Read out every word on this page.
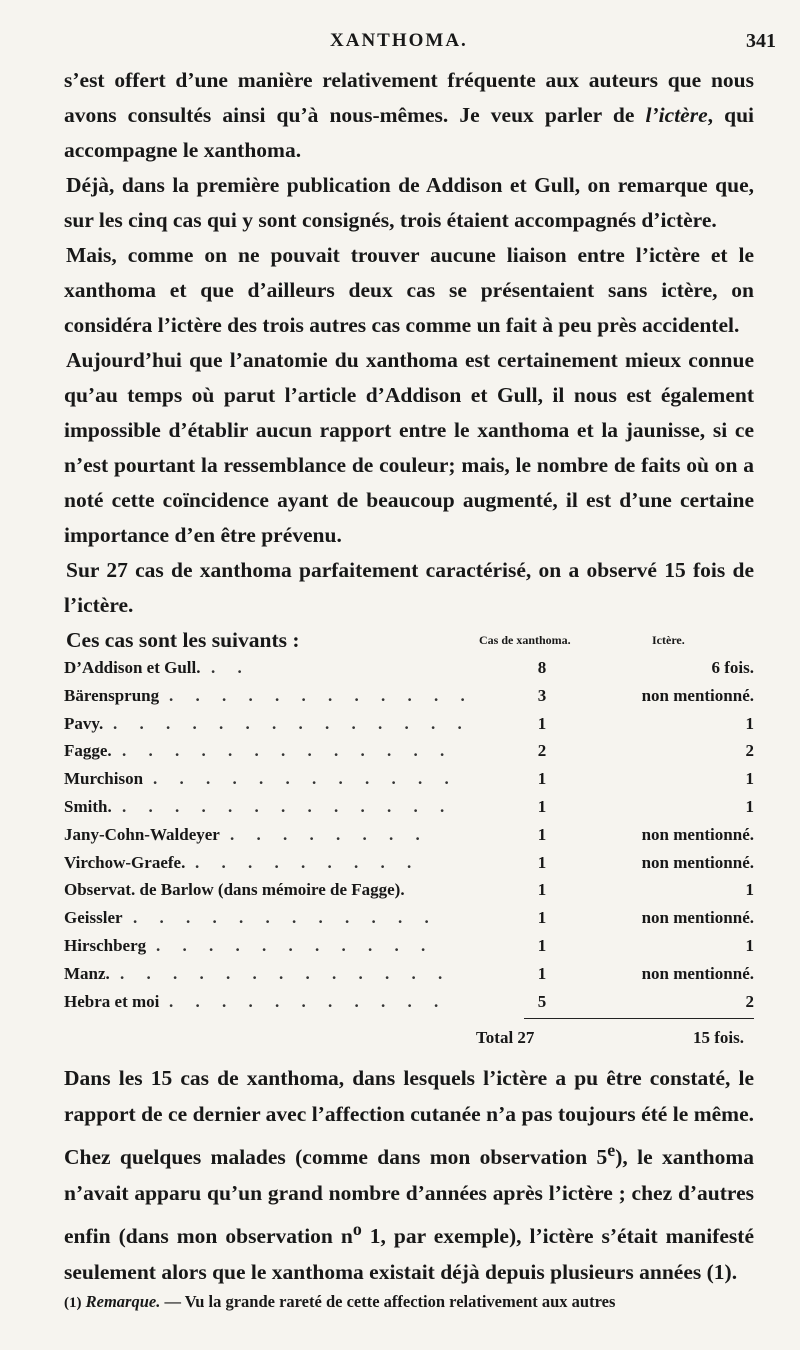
XANTHOMA.	341

s’est offert d’une manière relativement fréquente aux auteurs que nous avons consultés ainsi qu’à nous-mêmes. Je veux parler de l’ictère, qui accompagne le xanthoma.

Déjà, dans la première publication de Addison et Gull, on remarque que, sur les cinq cas qui y sont consignés, trois étaient accompagnés d’ictère.

Mais, comme on ne pouvait trouver aucune liaison entre l’ictère et le xanthoma et que d’ailleurs deux cas se présentaient sans ictère, on considéra l’ictère des trois autres cas comme un fait à peu près accidentel.

Aujourd’hui que l’anatomie du xanthoma est certainement mieux connue qu’au temps où parut l’article d’Addison et Gull, il nous est également impossible d’établir aucun rapport entre le xanthoma et la jaunisse, si ce n’est pourtant la ressemblance de couleur; mais, le nombre de faits où on a noté cette coïncidence ayant de beaucoup augmenté, il est d’une certaine importance d’en être prévenu.

Sur 27 cas de xanthoma parfaitement caractérisé, on a observé 15 fois de l’ictère.

Ces cas sont les suivants :	Cas de xanthoma.	Ictère.
D’Addison et Gull. . .	8	6 fois.
Bärensprung . . . . . . . . . . . .	3	non mentionné.
Pavy. . . . . . . . . . . . . . .	1	1
Fagge. . . . . . . . . . . . . .	2	2
Murchison . . . . . . . . . . . .	1	1
Smith. . . . . . . . . . . . . .	1	1
Jany-Cohn-Waldeyer . . . . . . . .	1	non mentionné.
Virchow-Graefe. . . . . . . . . .	1	non mentionné.
Observat. de Barlow (dans mémoire de Fagge).	1	1
Geissler . . . . . . . . . . . .	1	non mentionné.
Hirschberg . . . . . . . . . . .	1	1
Manz. . . . . . . . . . . . . .	1	non mentionné.
Hebra et moi . . . . . . . . . . .	5	2
Total 27	15 fois.

Dans les 15 cas de xanthoma, dans lesquels l’ictère a pu être constaté, le rapport de ce dernier avec l’affection cutanée n’a pas toujours été le même. Chez quelques malades (comme dans mon observation 5e), le xanthoma n’avait apparu qu’un grand nombre d’années après l’ictère ; chez d’autres enfin (dans mon observation $n^o$ 1, par exemple), l’ictère s’était manifesté seulement alors que le xanthoma existait déjà depuis plusieurs années (1).

(1) Remarque. — Vu la grande rareté de cette affection relativement aux autres
